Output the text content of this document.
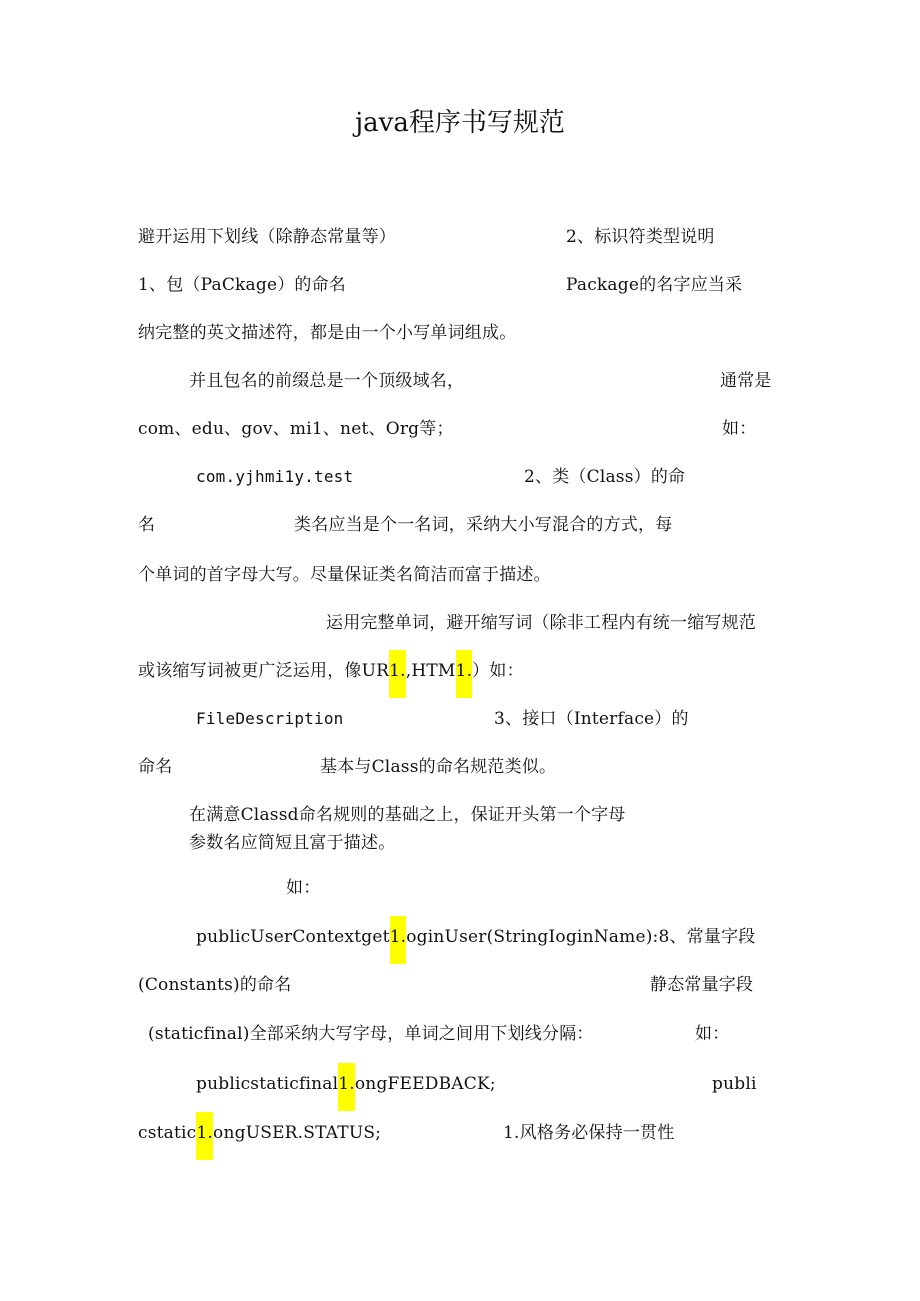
java程序书写规范
避开运用下划线（除静态常量等）	2、标识符类型说明
1、包（PaCkage）的命名	Package的名字应当采
纳完整的英文描述符，都是由一个小写单词组成。
并且包名的前缀总是一个顶级域名，	通常是
com、edu、gov、mi1、net、Org等；	如：
com.yjhmi1y.test	2、类（Class）的命
名	类名应当是个一名词，采纳大小写混合的方式，每
个单词的首字母大写。尽量保证类名简洁而富于描述。
运用完整单词，避开缩写词（除非工程内有统一缩写规范
或该缩写词被更广泛运用，像UR1.,HTM1.）如：
FileDescription	3、接口（Interface）的
命名	基本与Class的命名规范类似。
在满意Classd命名规则的基础之上，保证开头第一个字母
参数名应简短且富于描述。
如：
publicUserContextget1.oginUser(StringIoginName):8、常量字段
(Constants)的命名	静态常量字段
(staticfinal)全部采纳大写字母，单词之间用下划线分隔：	如：
publicstaticfinal1.ongFEEDBACK;	publi
cstatic1.ongUSER.STATUS;	1.风格务必保持一贯性
